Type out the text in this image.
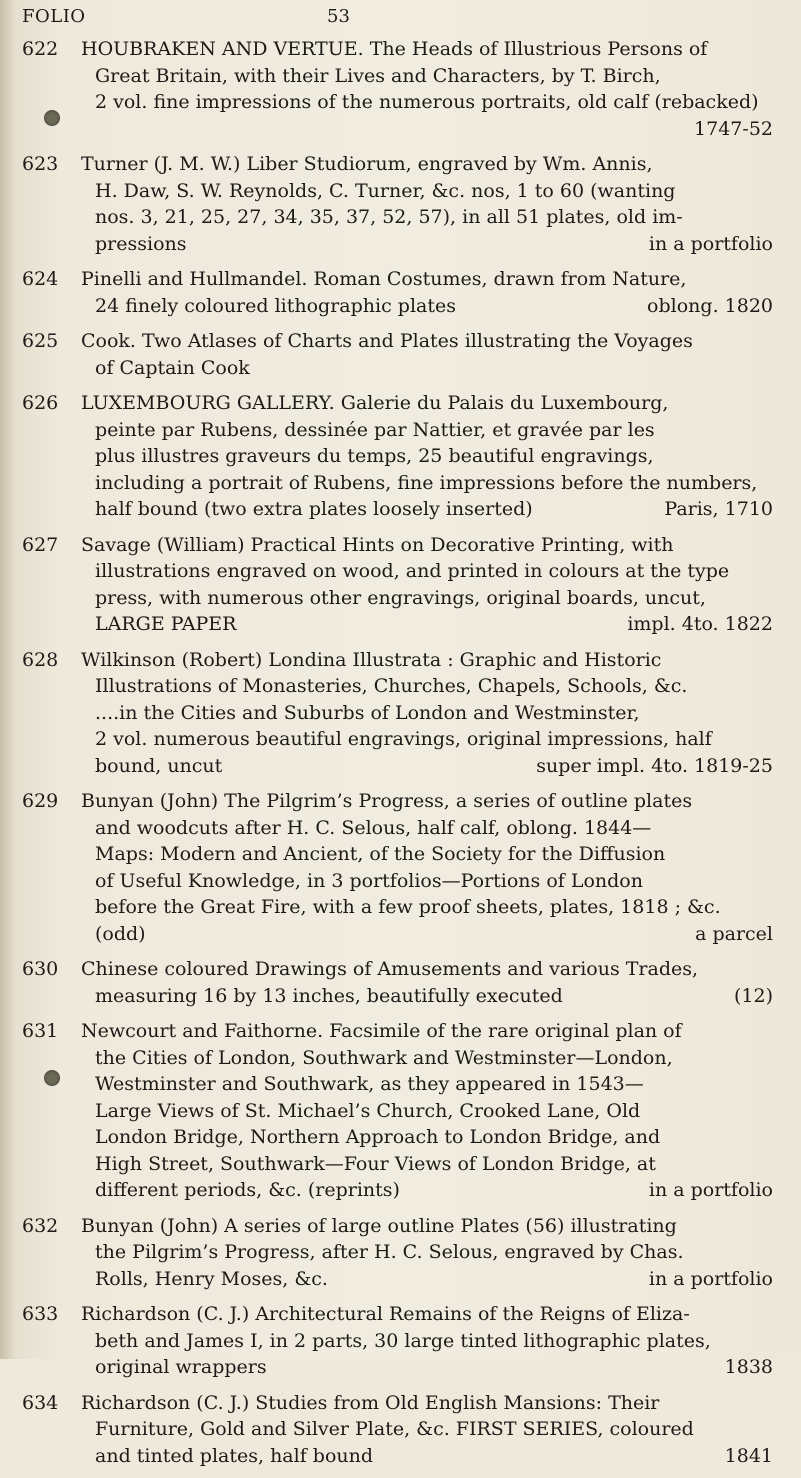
FOLIO	53
622	HOUBRAKEN AND VERTUE. The Heads of Illustrious Persons of
Great Britain, with their Lives and Characters, by T. Birch,
2 vol. fine impressions of the numerous portraits, old calf (rebacked)
1747-52
623	Turner (J. M. W.) Liber Studiorum, engraved by Wm. Annis,
H. Daw, S. W. Reynolds, C. Turner, &c. nos, 1 to 60 (wanting
nos. 3, 21, 25, 27, 34, 35, 37, 52, 57), in all 51 plates, old im-
pressions	in a portfolio
624	Pinelli and Hullmandel. Roman Costumes, drawn from Nature,
24 finely coloured lithographic plates	oblong. 1820
625	Cook. Two Atlases of Charts and Plates illustrating the Voyages
of Captain Cook
626	LUXEMBOURG GALLERY. Galerie du Palais du Luxembourg,
peinte par Rubens, dessinée par Nattier, et gravée par les
plus illustres graveurs du temps, 25 beautiful engravings,
including a portrait of Rubens, fine impressions before the numbers,
half bound (two extra plates loosely inserted)	Paris, 1710
627	Savage (William) Practical Hints on Decorative Printing, with
illustrations engraved on wood, and printed in colours at the type
press, with numerous other engravings, original boards, uncut,
LARGE PAPER	impl. 4to. 1822
628	Wilkinson (Robert) Londina Illustrata : Graphic and Historic
Illustrations of Monasteries, Churches, Chapels, Schools, &c.
....in the Cities and Suburbs of London and Westminster,
2 vol. numerous beautiful engravings, original impressions, half
bound, uncut	super impl. 4to. 1819-25
629	Bunyan (John) The Pilgrim’s Progress, a series of outline plates
and woodcuts after H. C. Selous, half calf, oblong. 1844—
Maps: Modern and Ancient, of the Society for the Diffusion
of Useful Knowledge, in 3 portfolios—Portions of London
before the Great Fire, with a few proof sheets, plates, 1818 ; &c.
(odd)	a parcel
630	Chinese coloured Drawings of Amusements and various Trades,
measuring 16 by 13 inches, beautifully executed	(12)
631	Newcourt and Faithorne. Facsimile of the rare original plan of
the Cities of London, Southwark and Westminster—London,
Westminster and Southwark, as they appeared in 1543—
Large Views of St. Michael’s Church, Crooked Lane, Old
London Bridge, Northern Approach to London Bridge, and
High Street, Southwark—Four Views of London Bridge, at
different periods, &c. (reprints)	in a portfolio
632	Bunyan (John) A series of large outline Plates (56) illustrating
the Pilgrim’s Progress, after H. C. Selous, engraved by Chas.
Rolls, Henry Moses, &c.	in a portfolio
633	Richardson (C. J.) Architectural Remains of the Reigns of Eliza-
beth and James I, in 2 parts, 30 large tinted lithographic plates,
original wrappers	1838
634	Richardson (C. J.) Studies from Old English Mansions: Their
Furniture, Gold and Silver Plate, &c. FIRST SERIES, coloured
and tinted plates, half bound	1841
